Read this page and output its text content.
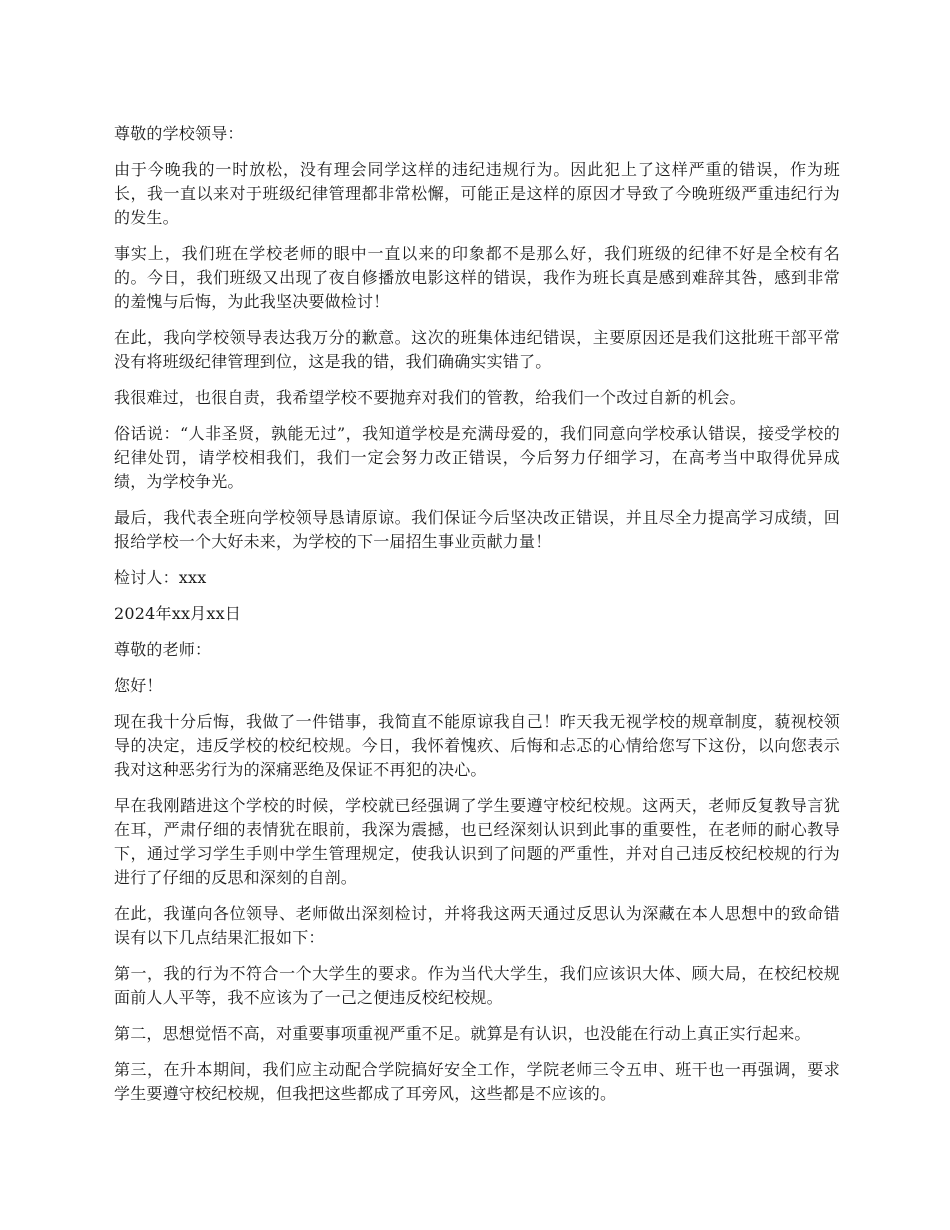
尊敬的学校领导：

由于今晚我的一时放松，没有理会同学这样的违纪违规行为。因此犯上了这样严重的错误，作为班长，我一直以来对于班级纪律管理都非常松懈，可能正是这样的原因才导致了今晚班级严重违纪行为的发生。

事实上，我们班在学校老师的眼中一直以来的印象都不是那么好，我们班级的纪律不好是全校有名的。今日，我们班级又出现了夜自修播放电影这样的错误，我作为班长真是感到难辞其咎，感到非常的羞愧与后悔，为此我坚决要做检讨！

在此，我向学校领导表达我万分的歉意。这次的班集体违纪错误，主要原因还是我们这批班干部平常没有将班级纪律管理到位，这是我的错，我们确确实实错了。

我很难过，也很自责，我希望学校不要抛弃对我们的管教，给我们一个改过自新的机会。

俗话说：“人非圣贤，孰能无过”，我知道学校是充满母爱的，我们同意向学校承认错误，接受学校的纪律处罚，请学校相我们，我们一定会努力改正错误，今后努力仔细学习，在高考当中取得优异成绩，为学校争光。

最后，我代表全班向学校领导恳请原谅。我们保证今后坚决改正错误，并且尽全力提高学习成绩，回报给学校一个大好未来，为学校的下一届招生事业贡献力量！

检讨人：xxx

2024年xx月xx日

尊敬的老师：

您好！

现在我十分后悔，我做了一件错事，我简直不能原谅我自己！昨天我无视学校的规章制度，藐视校领导的决定，违反学校的校纪校规。今日，我怀着愧疚、后悔和忐忑的心情给您写下这份，以向您表示我对这种恶劣行为的深痛恶绝及保证不再犯的决心。

早在我刚踏进这个学校的时候，学校就已经强调了学生要遵守校纪校规。这两天，老师反复教导言犹在耳，严肃仔细的表情犹在眼前，我深为震撼，也已经深刻认识到此事的重要性，在老师的耐心教导下，通过学习学生手则中学生管理规定，使我认识到了问题的严重性，并对自己违反校纪校规的行为进行了仔细的反思和深刻的自剖。

在此，我谨向各位领导、老师做出深刻检讨，并将我这两天通过反思认为深藏在本人思想中的致命错误有以下几点结果汇报如下：

第一，我的行为不符合一个大学生的要求。作为当代大学生，我们应该识大体、顾大局，在校纪校规面前人人平等，我不应该为了一己之便违反校纪校规。

第二，思想觉悟不高，对重要事项重视严重不足。就算是有认识，也没能在行动上真正实行起来。

第三，在升本期间，我们应主动配合学院搞好安全工作，学院老师三令五申、班干也一再强调，要求学生要遵守校纪校规，但我把这些都成了耳旁风，这些都是不应该的。
